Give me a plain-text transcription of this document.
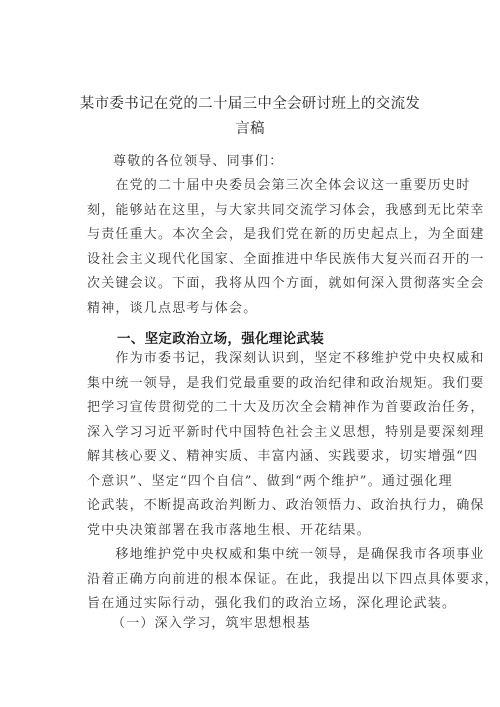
某市委书记在党的二十届三中全会研讨班上的交流发
言稿
尊敬的各位领导、同事们：
　　在党的二十届中央委员会第三次全体会议这一重要历史时
刻，能够站在这里，与大家共同交流学习体会，我感到无比荣幸
与责任重大。本次全会，是我们党在新的历史起点上，为全面建
设社会主义现代化国家、全面推进中华民族伟大复兴而召开的一
次关键会议。下面，我将从四个方面，就如何深入贯彻落实全会
精神，谈几点思考与体会。
一、坚定政治立场，强化理论武装
　　作为市委书记，我深刻认识到，坚定不移维护党中央权威和
集中统一领导，是我们党最重要的政治纪律和政治规矩。我们要
把学习宣传贯彻党的二十大及历次全会精神作为首要政治任务，
深入学习习近平新时代中国特色社会主义思想，特别是要深刻理
解其核心要义、精神实质、丰富内涵、实践要求，切实增强“四
个意识”、坚定“四个自信”、做到“两个维护”。通过强化理
论武装，不断提高政治判断力、政治领悟力、政治执行力，确保
党中央决策部署在我市落地生根、开花结果。
　　移地维护党中央权威和集中统一领导，是确保我市各项事业
沿着正确方向前进的根本保证。在此，我提出以下四点具体要求，
旨在通过实际行动，强化我们的政治立场，深化理论武装。
（一）深入学习，筑牢思想根基
